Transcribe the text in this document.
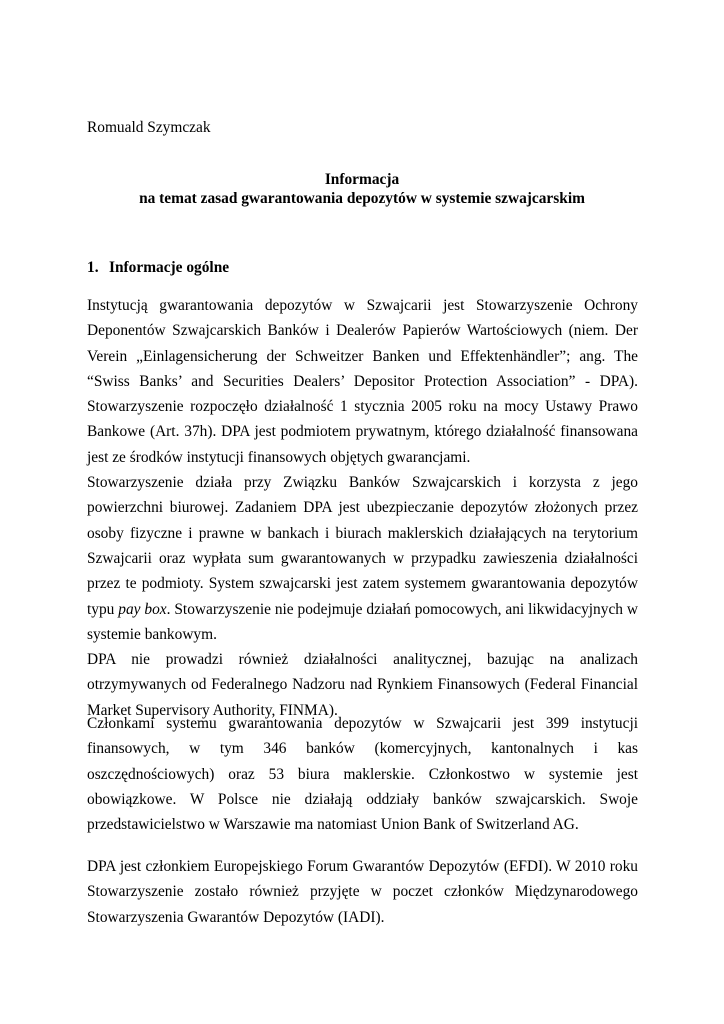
Romuald Szymczak
Informacja
na temat zasad gwarantowania depozytów w systemie szwajcarskim
1. Informacje ogólne

Instytucją gwarantowania depozytów w Szwajcarii jest Stowarzyszenie Ochrony Deponentów Szwajcarskich Banków i Dealerów Papierów Wartościowych (niem. Der Verein „Einlagensicherung der Schweitzer Banken und Effektenhändler”; ang. The “Swiss Banks’ and Securities Dealers’ Depositor Protection Association” - DPA). Stowarzyszenie rozpoczęło działalność 1 stycznia 2005 roku na mocy Ustawy Prawo Bankowe (Art. 37h). DPA jest podmiotem prywatnym, którego działalność finansowana jest ze środków instytucji finansowych objętych gwarancjami.

Stowarzyszenie działa przy Związku Banków Szwajcarskich i korzysta z jego powierzchni biurowej. Zadaniem DPA jest ubezpieczanie depozytów złożonych przez osoby fizyczne i prawne w bankach i biurach maklerskich działających na terytorium Szwajcarii oraz wypłata sum gwarantowanych w przypadku zawieszenia działalności przez te podmioty. System szwajcarski jest zatem systemem gwarantowania depozytów typu pay box. Stowarzyszenie nie podejmuje działań pomocowych, ani likwidacyjnych w systemie bankowym.

DPA nie prowadzi również działalności analitycznej, bazując na analizach otrzymywanych od Federalnego Nadzoru nad Rynkiem Finansowych (Federal Financial Market Supervisory Authority, FINMA).

Członkami systemu gwarantowania depozytów w Szwajcarii jest 399 instytucji finansowych, w tym 346 banków (komercyjnych, kantonalnych i kas oszczędnościowych) oraz 53 biura maklerskie. Członkostwo w systemie jest obowiązkowe. W Polsce nie działają oddziały banków szwajcarskich. Swoje przedstawicielstwo w Warszawie ma natomiast Union Bank of Switzerland AG.

DPA jest członkiem Europejskiego Forum Gwarantów Depozytów (EFDI). W 2010 roku Stowarzyszenie zostało również przyjęte w poczet członków Międzynarodowego Stowarzyszenia Gwarantów Depozytów (IADI).
